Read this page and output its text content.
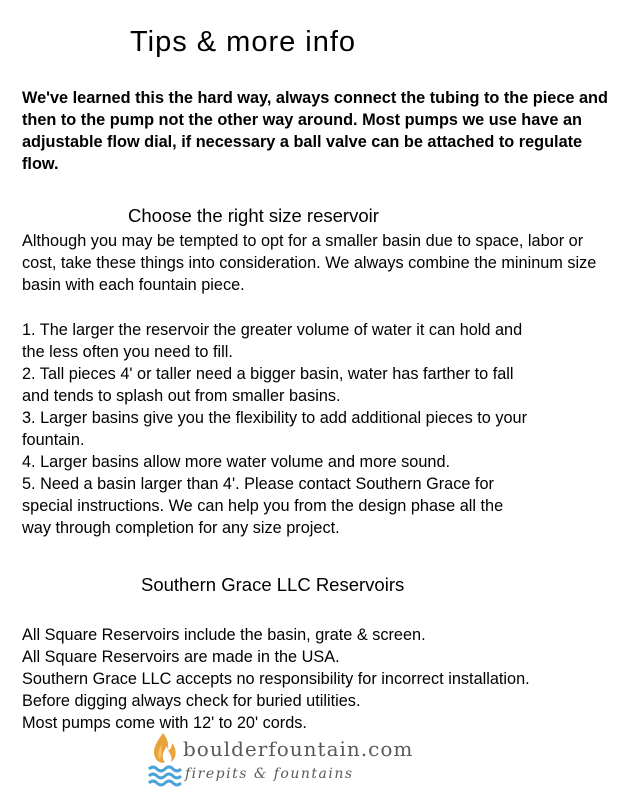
Tips & more info
We've learned this the hard way, always connect the tubing to the piece and then to the pump not the other way around. Most pumps we use have an adjustable flow dial, if necessary a ball valve can be attached to regulate flow.
Choose the right size reservoir
Although you may be tempted to opt for a smaller basin due to space, labor or cost, take these things into consideration. We always combine the mininum size basin with each fountain piece.
1. The larger the reservoir the greater volume of water it can hold and
the less often you need to fill.
2. Tall pieces 4' or taller need a bigger basin, water has farther to fall
and tends to splash out from smaller basins.
3. Larger basins give you the flexibility to add additional pieces to your
fountain.
4. Larger basins allow more water volume and more sound.
5. Need a basin larger than 4'. Please contact Southern Grace for
special instructions. We can help you from the design phase all the
way through completion for any size project.
Southern Grace LLC Reservoirs
All Square Reservoirs include the basin, grate & screen.
All Square Reservoirs are made in the USA.
Southern Grace LLC accepts no responsibility for incorrect installation.
Before digging always check for buried utilities.
Most pumps come with 12' to 20' cords.
boulderfountain.com
firepits & fountains
